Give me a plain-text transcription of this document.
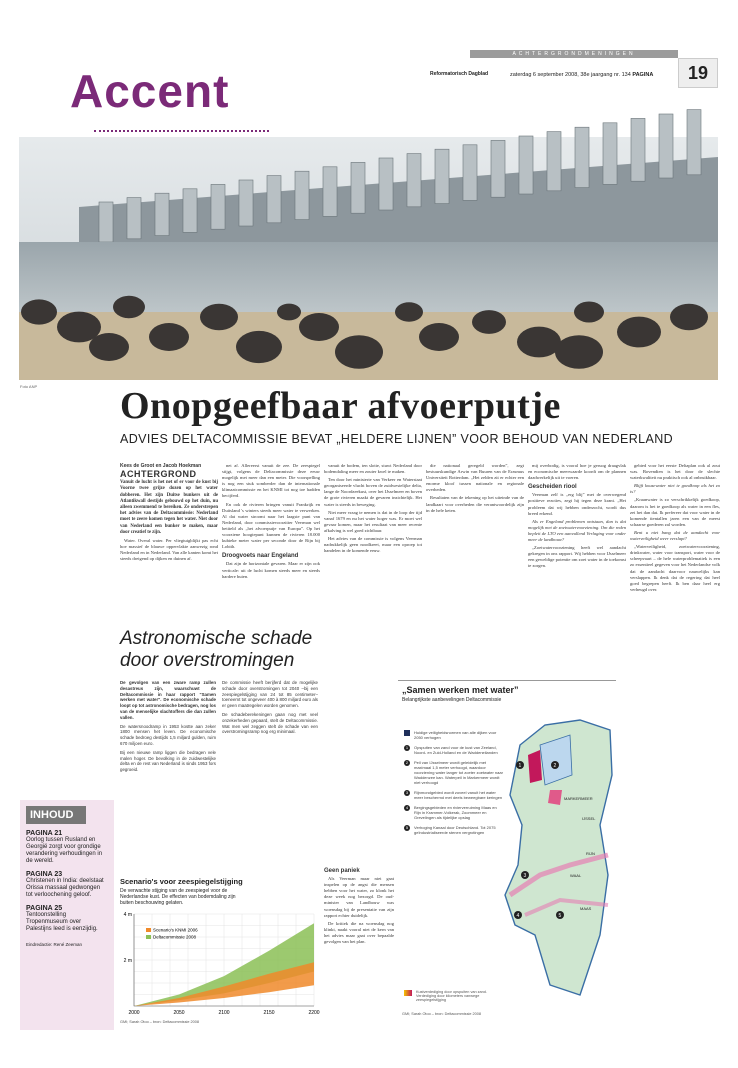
ACHTERGRONDMENINGEN
Accent	Reformatorisch Dagblad	zaterdag 6 september 2008, 38e jaargang nr. 134 PAGINA	19
Foto ANP Onopgeefbaar afvoerputje
ADVIES DELTACOMMISSIE BEVAT „HELDERE LIJNEN” VOOR BEHOUD VAN NEDERLAND
Kees de Groot en Jacob Hoekman
ACHTERGROND

Vanuit de lucht is het net of er voor de kust bij Voorne twee grijze dozen op het water dobberen. Het zijn Duitse bunkers uit de Atlantikwall destijds gebouwd op het duin, nu alleen zwemmend te bereiken. Ze onderstrepen het advies van de Deltacommissie: Nederland moet te zeere komen tegen het water. Niet door van Nederland een bunker te maken, maar door creatief te zijn.

Water. Overal water. Per vliegtuigblijkt pas echt hoe massief de blauwe oppervlakte aanwezig rond Nederland en in Nederland. Van alle kanten komt het steeds dreigend op dijken en duinen af.

net af. Allereerst vanuit de zee. De zeespiegel stijgt, volgens de Deltacommissie deze eeuw mogelijk met meer dan een meter. Die voorspelling is nog een stuk somberder dan de internationale klimaatcommissie en het KNMI tot nog toe hadden becijferd.

En ook de rivieren bringen vanuit Frankrijk en Duitsland 's winters steeds meer water te verwerken. Al dat water stroomt naar het laagste punt van Nederland, door commissievoorzitter Veerman wel betiteld als „het afvoerputje van Europa”. Op het voorziene hoogtepunt kunnen de rivieren 18.000 kubieke meter water per seconde door de Rijn bij Lobith.

Droogvoets naar Engeland

Dat zijn de horizontale gevaren. Maar er zijn ook verticale: uit de lucht komen steeds meer en steeds hardere buien.

Astronomische schade door overstromingen

De gevolgen van een zware ramp zullen desastreus zijn, waarschuwt de Deltacommissie in haar rapport "Samen werken met water". De economische schade loopt op tot astronomische bedragen, nog los van de menselijke slachtoffers die dan zullen vallen.

De watersnoodramp in 1953 kostte aan zeker 1800 mensen het leven. De economische schade bedroeg destijds 1,5 miljard gulden, ruim 670 miljoen euro.

Bij een nieuwe ramp liggen die bedragen vele malen hoger. De bevolking in de zuidwestelijke delta en de rest van Nederland is sinds 1953 fors gegroeid.

De commissie heeft berijferd dat de mogelijke schade door overstromingen tot 2040 –bij een zeespiegelstijging van 24 tot 85 centimeter– toeneemt tot ongeveer 400 à 800 miljard euro als er geen maatregelen worden genomen.

De schadeberekeningen gaan nog met veel onzekerheden gepaard, stelt de Deltacommissie. Wat men wel zeggen stelt de schade van een overstromingsramp nog erg minimaal.

INHOUD
PAGINA 21
Oorlog tussen Rusland en Georgië zorgt voor grondige verandering verhoudingen in de wereld.
PAGINA 23
Christenen in India: deelstaat Orissa massaal gedwongen tot verloochening geloof.
PAGINA 25
Tentoonstelling Tropenmuseum over Palestijns leed is eenzijdig.
Eindredactie: René Zeeman
Scenario's voor zeespiegelstijging
De verwachte stijging van de zeespiegel voor de Nederlandse kust. De effecten van bodemdaling zijn buiten beschouwing gelaten.
2000	2050	2100	2150	2200
4 m
2 m
Scenario's KNMI 2006
Deltacommissie 2008
GMI; Sarah Otoo – bron: Deltacommissie 2008

vanuit de bodem, ten slotte, stuwt Nederland door bodemdaling meer en zouter kwel te maken.

Ten door het ministerie van Verkeer en Waterstaat georganiseerde vlucht boven de zuidwestelijke delta, lange de Noordzeekust, over het IJsselmeer en boven de grote rivieren maakt de gevaren inzichtelijk. Het water is steeds in beweging.

Niet meer vraag te nemen is dat in de loop der tijd vanaf 1679 en nu het water hoger was. Er moet wel gevaar komen, maar het resultaat van meer recente afkalving is wel goed zichtbaar.

Het advies van de commissie is volgens Veerman nadrukkelijk geen noodkreet, maar een oproep tot handelen in de komende eeuw.

die nationaal geregeld worden”, zegt bestuurskundige Arwin van Buuren van de Erasmus Universiteit Rotterdam. „Het zelden zit er echter een enorme kloof tussen nationale en regionale overheden.

Resultaten van de tekening op het uiteinde van de landkaart voor overheden die verantwoordelijk zijn in de hele keten.

mij overbodig, is vooral hoe je geruog draagvlak en economische meerwaarde koordt om de plannen daadwerkelijk uit te voeren.

Gescheiden riool

Veerman zelf is „erg blij” met de overwegend positieve reacties, zegt hij tegen deze krant. „Het probleem dat wij hebben onderzocht, wordt dus breed erkend.

Als er Engeland problemen ontstaan, dan is dat mogelijk met de zoetwatervoorziening. Om die reden bepleit de LTO een aanvullend Verlaging voor onder meer de landbouw?

„Zoetwatervoorziening heeft wel aandacht gekregen in ons rapport. Wij hebben voor IJsselmeer een geweldige potentie om zoet water in de toekomst te zorgen.

gebied voor het eerste Deltaplan ook al zout was. Bovendien is het door de slechte waterkwaliteit nu praktisch ook al onbruikbaar.

Blijft kousewater niet te goedkoop als het zo is?

„Kraanwater is zo verschrikkelijk goedkoop, daarom is het te goedkoop als water in een fles, zei het dan dat. Ik prefereer dat voor water in de komende tientallen jaren een van de meest schaarse goederen zal worden.

Bent u niet bang dat de aandacht voor waterveiligheid weer verslapt?

„Waterveiligheid, zoetwatervoorziening, drinkwater, water voor transport, water voor de scheepvaart – de hele waterproblematiek is een zo essentieel gegeven voor het Nederlandse volk dat de aandacht daarvoor nauwelijks kan verslappen. Ik denk dat de regering dat heel goed begrepen heeft. Ik ben daar heel erg verheugd over.

Geen paniek

Als Veerman maar niet gaat inspelen op de angst die mensen hebben voor het water, zo klonk het deze week nog bezorgd. De oud-minister van Landbouw was woensdag bij de presentatie van zijn rapport echter duidelijk.

De kritiek die na woensdag nog klinkt, naakt vooral niet de kern van het advies maar gaat over bepaalde gevolgen van het plan.

„Samen werken met water”
Belangrijkste aanbevelingen Deltacommissie
Huidige veiligheidsnormen van alle dijken voor 2050 verhogen
1	Opspuiten van zand voor de kust van Zeeland, Noord- en Zuid-Holland en de Waddeneilanden
2	Peil van IJsselmeer wordt geleidelijk met maximaal 1,5 meter verhoogd, waardoor voorziening water langer tot zoeter zoetwater naar Waddenzee kan. Waterpeil in Markermeer wordt niet verhoogd
3	Rijnmondgebied wordt zoveel vanuit het water meer beschermd met deels beweegbare keringen
4	Bergingsgebieden en rivierverruiming Maas en Rijn in Krammer-Volkerak, Zoommeer en Grevelingen als tijdelijke opslag
5	Verhoging Kanaal door Deutschland. Tot 2075 geïndustrialiseerde stenen vergrotingen
1	2
3
4	5
MARKERMEER
IJSSEL
RIJN
WAAL
MAAS
Kustverdediging door opspuiten van zand. Verdediging door kilometers vanwege zeespiegelstijging
GMI; Sarah Otoo – bron: Deltacommissie 2008
